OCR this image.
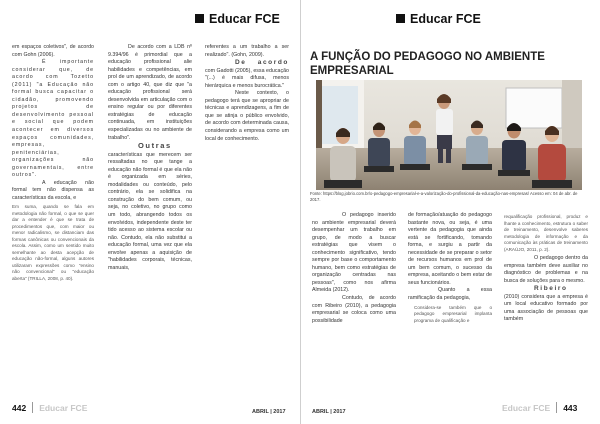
Educar FCE

em espaços coletivos", de acordo com Gohn (2006).

É importante considerar que, de acordo com Tozetto (2011) "a Educação não formal busca capacitar o cidadão, promovendo projetos de desenvolvimento pessoal e social que podem acontecer em diversos espaços comunidades, empresas, penitenciárias, organizações não governamentais, entre outros".

A educação não formal tem não dispensa as características da escola, e

Em suma, quando se fala em metodologia não formal, o que se quer dar a entender é que se trata de procedimentos que, com maior ou menor radicalismo, se distanciam das formas canônicas ou convencionais da escola. Assim, como um sentido muito semelhante ao desta acepção de educação não-formal, alguns autores utilizaram expressões como "ensino não convencional" ou "educação aberta" (TRILLA, 2008, p. 40).

De acordo com a LDB nº 9.394/96 é primordial que a educação profissional alie habilidades e competências, em prol de um aprendizado, de acordo com o artigo 40, que diz que "a educação profissional será desenvolvida em articulação com o ensino regular ou por diferentes estratégias de educação continuada, em instituições especializadas ou no ambiente de trabalho".

Outras características que merecem ser ressaltadas no que tange a educação não formal é que ela não é organizada em séries, modalidades ou conteúdo, pelo contrário, ela se solidifica na construção do bem comum, ou seja, no coletivo, no grupo como um todo, abrangendo todos os envolvidos, independente deste ter tido acesso ao sistema escolar ou não. Contudo, ela não substitui a educação formal, uma vez que ela envolve apenas a aquisição de "habilidades corporais, técnicas, manuais,

referentes a um trabalho a ser realizado". (Gohn, 2009).

De acordo com Gadotti (2005), essa educação "(...) é mais difusa, menos hierárquica e menos burocrática."

Neste contexto, o pedagogo terá que se apropriar de técnicas e aprendizagens, a fim de que se atinja o público envolvido, de acordo com determinada causa, considerando a empresa como um local de conhecimento.

442 Educar FCE	ABRIL | 2017
Educar FCE
A FUNÇÃO DO PEDAGOGO NO AMBIENTE EMPRESARIAL
Fonte: https://blog.jobrio.com.br/o-pedagogo-empresarial-e-a-valorização-do-profissional-da-educação-nas-empresas/ Acesso em: 04 de abr. de 2017.

O pedagogo inserido no ambiente empresarial deverá desempenhar um trabalho em grupo, de modo a buscar estratégias que visem o conhecimento significativo, tendo sempre por base o comportamento humano, bem como estratégias de organização centradas nas pessoas", como nos afirma Almeida (2012).

Contudo, de acordo com Ribeiro (2010), a pedagogia empresarial se coloca como uma possibilidade

de formação/atuação do pedagogo bastante nova, ou seja, é uma vertente da pedagogia que ainda está se fortificando, tomando forma, e surgiu a partir da necessidade de se preparar o setor de recursos humanos em prol de um bem comum, o sucesso da empresa, aceitando o bem estar de seus funcionários.

Quanto a essa ramificação da pedagogia,

Considera-se também que o pedagogo empresarial implanta programa de qualificação e

requalificação profissional, produz e lhante a conhecimento, estrutura o saber de treinamento, desenvolve saberes metodologia de informação e da comunicação às práticas de treinamento (ARAÚJO, 2011, p. 2).

O pedagogo dentro da empresa também deve auxiliar no diagnóstico de problemas e na busca de soluções para o mesmo.

Ribeiro

(2010) considera que a empresa é um local educativo formado por uma associação de pessoas que também

ABRIL | 2017	Educar FCE 443
